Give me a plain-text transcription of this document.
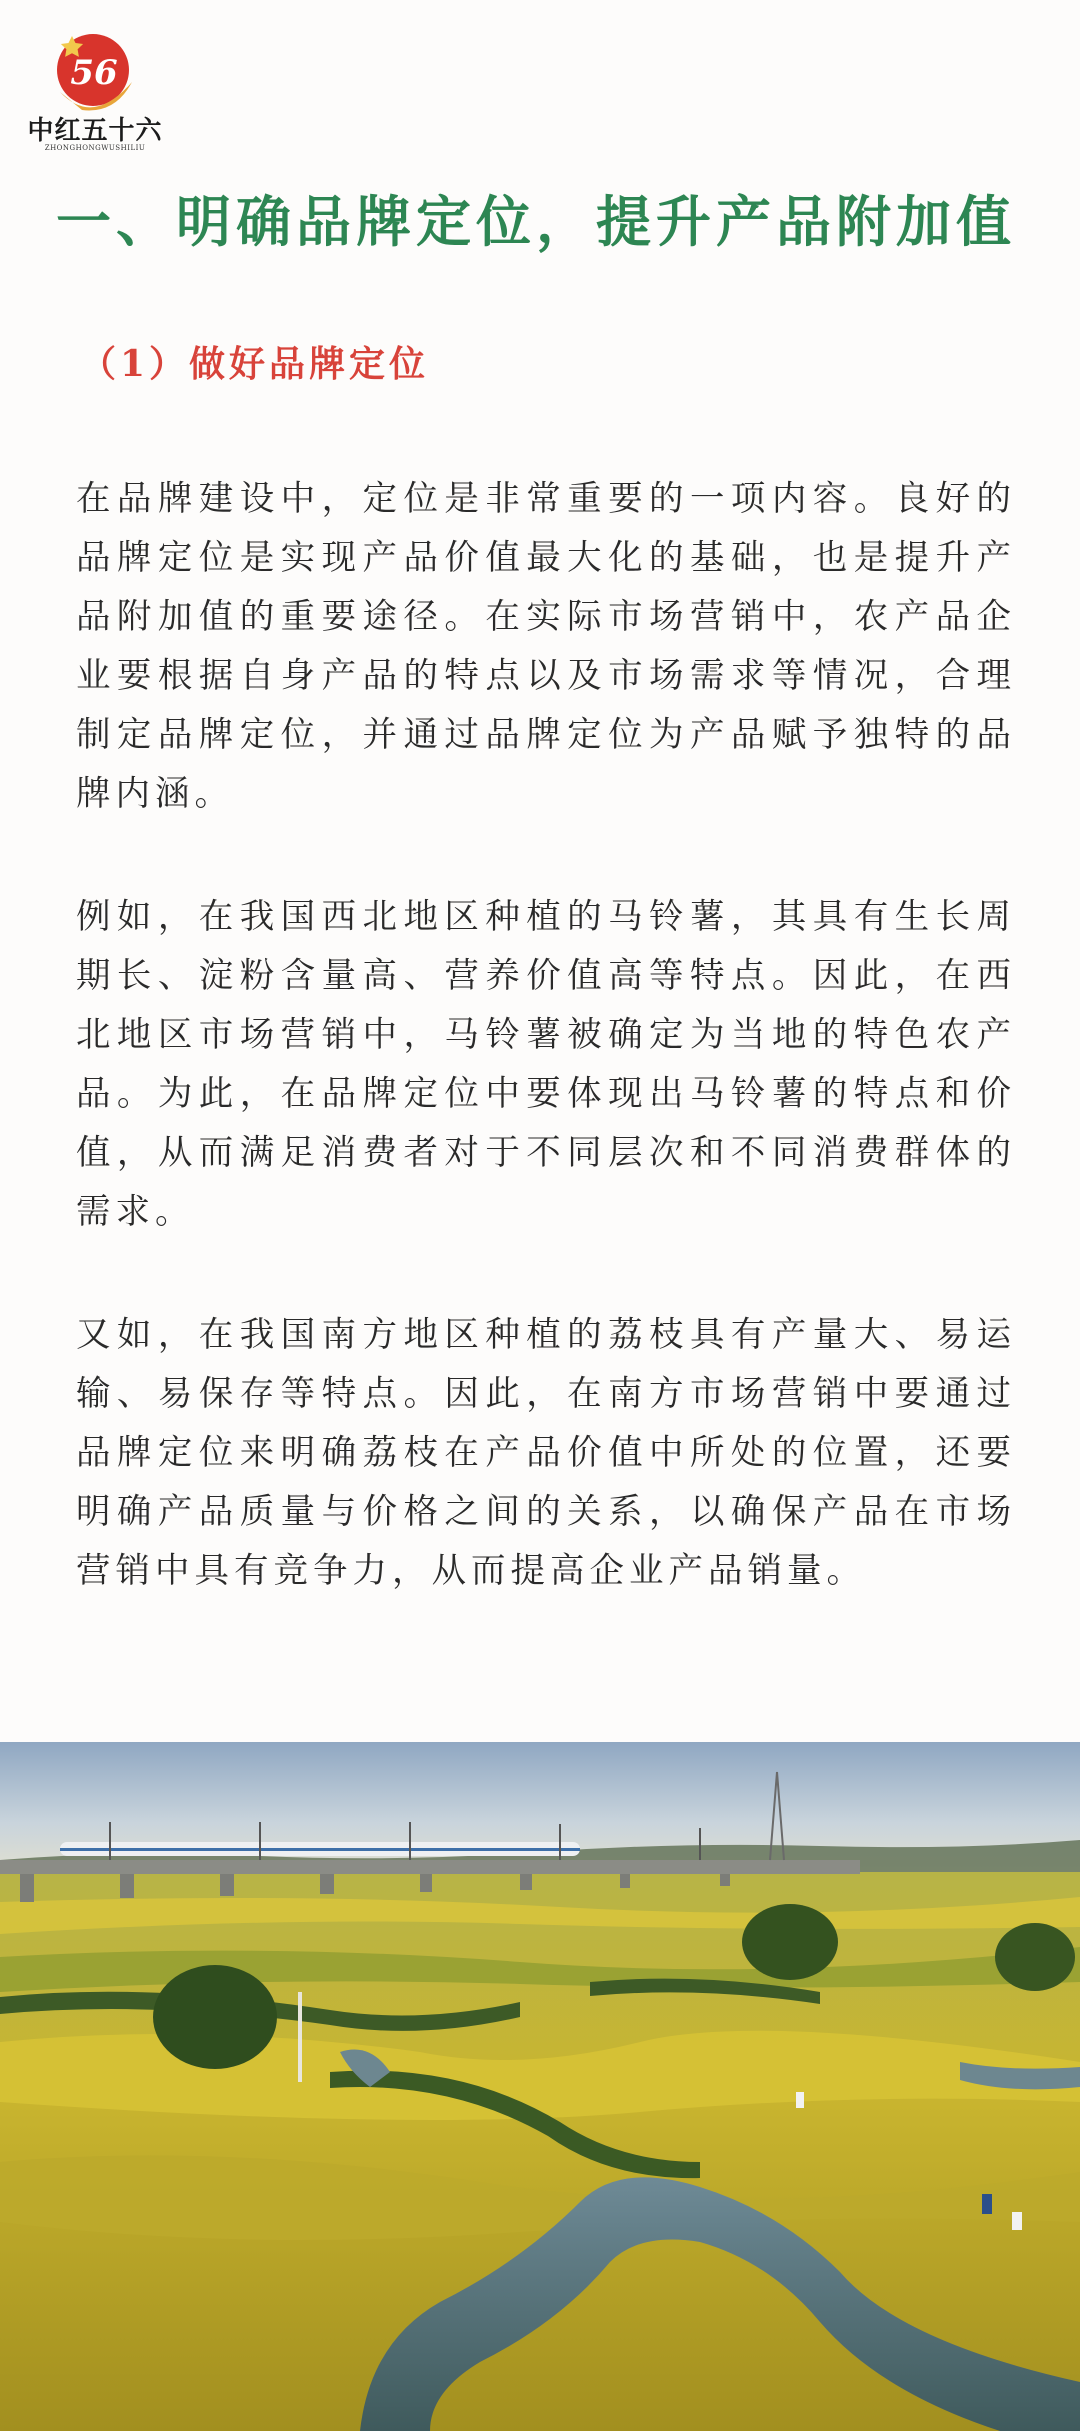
56
中红五十六
ZHONGHONGWUSHILIU
一、明确品牌定位，提升产品附加值
（1）做好品牌定位

在品牌建设中，定位是非常重要的一项内容。良好的品牌定位是实现产品价值最大化的基础，也是提升产品附加值的重要途径。在实际市场营销中，农产品企业要根据自身产品的特点以及市场需求等情况，合理制定品牌定位，并通过品牌定位为产品赋予独特的品牌内涵。

例如，在我国西北地区种植的马铃薯，其具有生长周期长、淀粉含量高、营养价值高等特点。因此，在西北地区市场营销中，马铃薯被确定为当地的特色农产品。为此，在品牌定位中要体现出马铃薯的特点和价值，从而满足消费者对于不同层次和不同消费群体的需求。

又如，在我国南方地区种植的荔枝具有产量大、易运输、易保存等特点。因此，在南方市场营销中要通过品牌定位来明确荔枝在产品价值中所处的位置，还要明确产品质量与价格之间的关系，以确保产品在市场营销中具有竞争力，从而提高企业产品销量。
